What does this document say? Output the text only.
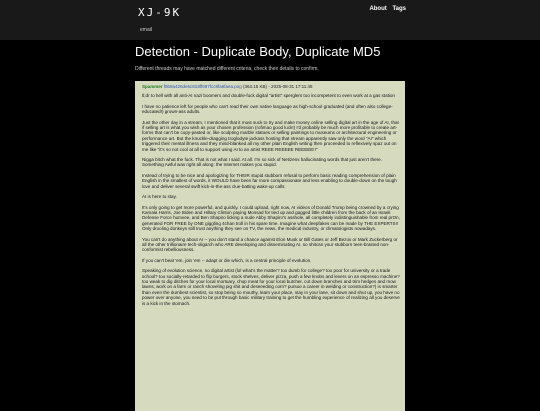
XJ-9K
email
About Tags
Detection - Duplicate Body, Duplicate MD5
Different threads may have matched different criteria, check their details to confirm.
Spammer f9b9a426de6c818ff697fcc8fa6faea.png (363.15 KB) - 2025-08-31 17:11:48

tl;dr to hell with all anti-AI nazi boomers and double-fuck digital "artist" sperglers too incompetent to even work at a gas station

I have no patience left for people who can't read their own native language as high-school graduated (and often also college-educated!) grown-ass adults.

Just the other day in a stream, I mentioned that it must suck to try and make money online selling digital art in the age of AI, that if selling art is what you wish as your chosen profession (rofimao good luck!) I'd probably be much more profitable to create art-forms that can't be copy-pasted or, like sculpting marble statues or selling paintings to museums or architectural engineering or performance art. But the knuckle-dragging troglodyte jackass hosting that stream apparently saw only the word "AI" which triggered their mental illness and they mind-blanked all my other plain English writing then proceeded to reflexively spaz out on me like "it's so not cool at all to support using AI to an artist REEE REEEEE REEEEE!!"

Nigga bitch what the fuck. That is not what I said. At all. I'm so sick of Netizens hallucinating words that just aren't there. Something Awful was right all along: the Internet makes you stupid.

Instead of trying to be nice and apologizing for THEIR stupid stubborn refusal to perform basic reading comprehension of plain English in the smallest of words, it WOULD have been far more compassionate and less enabling to double-down on the tough love and deliver several swift kick-in-the-ass clue-batting wake-up calls:

AI is here to stay.

It's only going to get more powerful, and quickly. I could upload, right now, AI videos of Donald Trump being crowned by a crying Kamala Harris, Joe Biden and Hillary Clinton paying Mossad for tied up and gagged little children from the back of an Israeli Defense Force humvee, and Ben Shapiro licking a nude Abby Shapiro's asshole, all completely indistinguishable from real prOn, generated FOR FREE by ONE giggling 4chan troll in his spare time. Imagine what deepfakes can be made by THE EXPERTS!! Only drooling donkeys still trust anything they see on TV, the news, the medical industry, or climatologists nowadays.

You can't do anything about AI -- you don't stand a chance against Elon Musk or Bill Gates or Jeff Bezos or Mark Zuckerberg or all the other trillionaire tech-oligarch who ARE developing and disseminating AI, so shitcan your stubborn teen-brained non-conformist rebelliousness.

If you can't beat 'em, join 'em -- adapt or die which, is a central principle of evolution.

Speaking of evolution science, no digital artist (lol what's the matter? too dumb for college? too poor for university or a trade school? too socially-retarded to flip burgers, stock shelves, deliver pizza, push a few knobs and levers on an espresso machine? too weak to dig ditches for your local mortuary, chop meat for your local butcher, cut down branches and trim hedges and mow lawns, work on a farm or ranch shoveling pig shit and deseeeding corn? pursue a career in welding or construction?) is smarter than even the dumbest scientist, so stop being so mouthy, learn your place, stay in your lane, sit down and shut up, you have no power over anyone, you need to be put through basic military training to get the humbling experience of realizing all you deserve is a kick in the stomach.
